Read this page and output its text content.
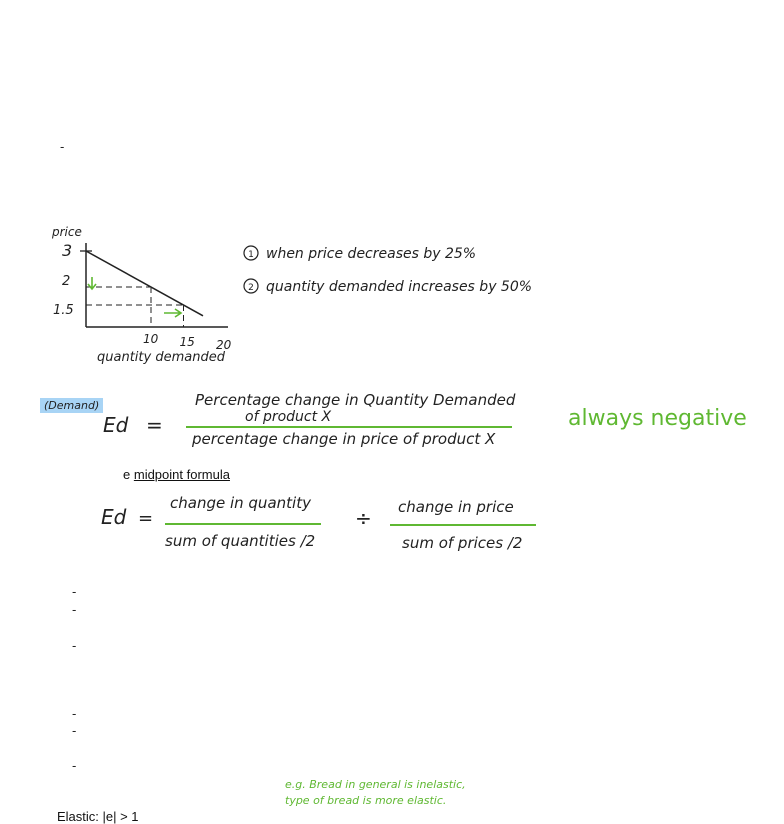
-
-
-
-
-
-
-
price
3
2
1.5
10 15 20
quantity demanded
1 when price decreases by 25%
2 quantity demanded increases by 50%
(Demand)
Ed =
Percentage change in Quantity Demanded
of product X
percentage change in price of product X
always negative
e midpoint formula
Ed =
change in quantity
sum of quantities /2
÷ change in price
sum of prices /2
e.g. Bread in general is inelastic,
type of bread is more elastic.
Elastic: |e| > 1
